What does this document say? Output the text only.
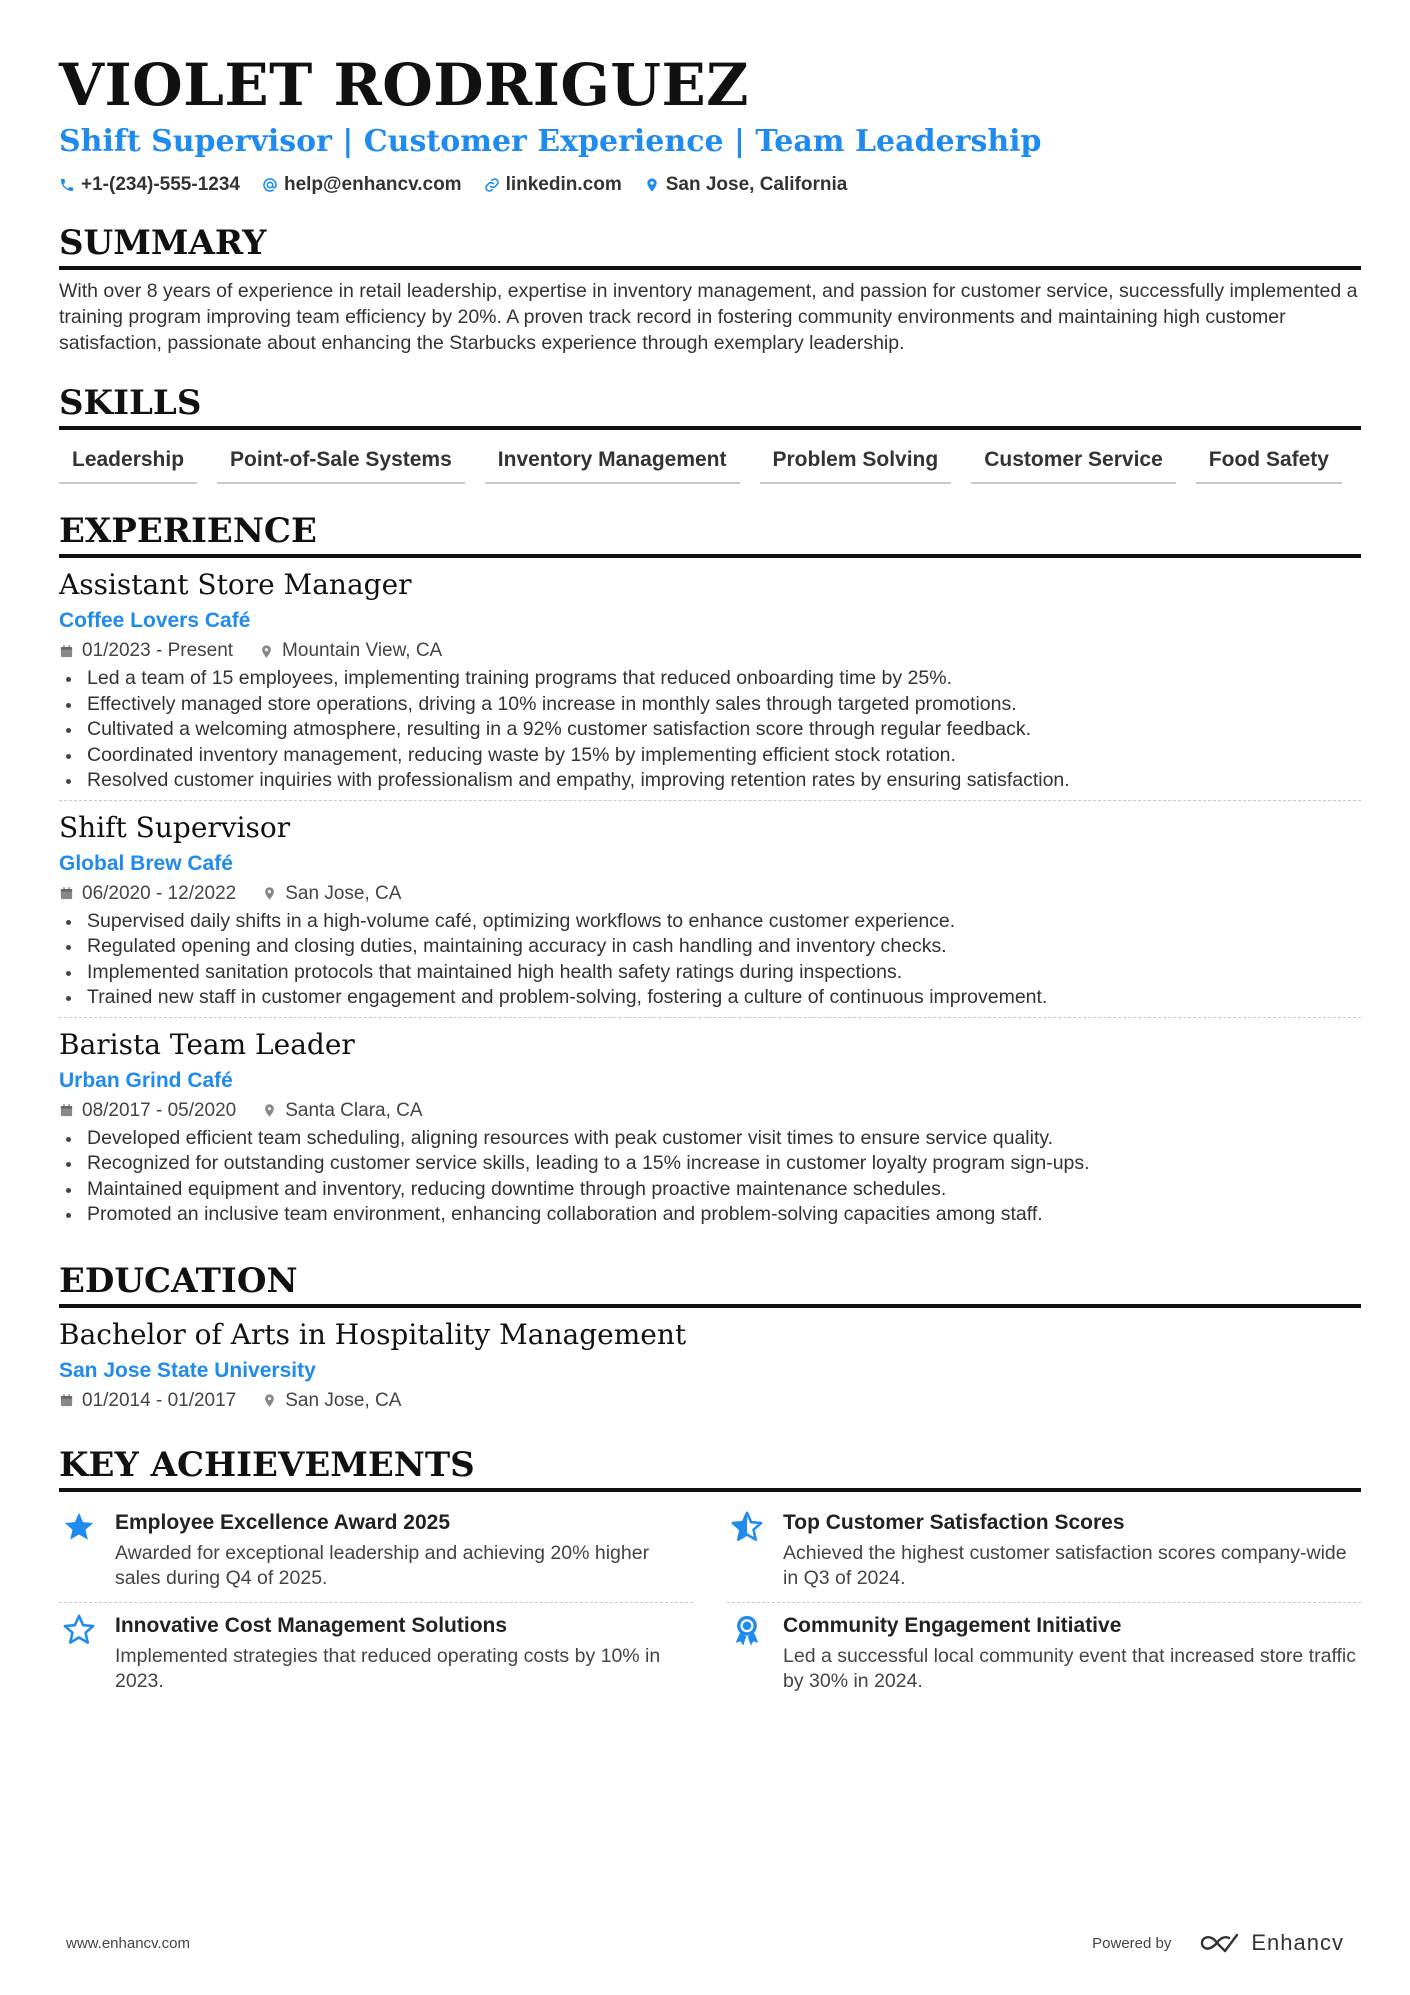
VIOLET RODRIGUEZ
Shift Supervisor | Customer Experience | Team Leadership
+1-(234)-555-1234 help@enhancv.com linkedin.com San Jose, California
SUMMARY

With over 8 years of experience in retail leadership, expertise in inventory management, and passion for customer service, successfully implemented a training program improving team efficiency by 20%. A proven track record in fostering community environments and maintaining high customer satisfaction, passionate about enhancing the Starbucks experience through exemplary leadership.

SKILLS
Leadership	Point-of-Sale Systems	Inventory Management	Problem Solving	Customer Service	Food Safety
EXPERIENCE
Assistant Store Manager
Coffee Lovers Café
01/2023 - Present	Mountain View, CA
Led a team of 15 employees, implementing training programs that reduced onboarding time by 25%.
Effectively managed store operations, driving a 10% increase in monthly sales through targeted promotions.
Cultivated a welcoming atmosphere, resulting in a 92% customer satisfaction score through regular feedback.
Coordinated inventory management, reducing waste by 15% by implementing efficient stock rotation.
Resolved customer inquiries with professionalism and empathy, improving retention rates by ensuring satisfaction.
Shift Supervisor
Global Brew Café
06/2020 - 12/2022	San Jose, CA
Supervised daily shifts in a high-volume café, optimizing workflows to enhance customer experience.
Regulated opening and closing duties, maintaining accuracy in cash handling and inventory checks.
Implemented sanitation protocols that maintained high health safety ratings during inspections.
Trained new staff in customer engagement and problem-solving, fostering a culture of continuous improvement.
Barista Team Leader
Urban Grind Café
08/2017 - 05/2020	Santa Clara, CA
Developed efficient team scheduling, aligning resources with peak customer visit times to ensure service quality.
Recognized for outstanding customer service skills, leading to a 15% increase in customer loyalty program sign-ups.
Maintained equipment and inventory, reducing downtime through proactive maintenance schedules.
Promoted an inclusive team environment, enhancing collaboration and problem-solving capacities among staff.
EDUCATION
Bachelor of Arts in Hospitality Management
San Jose State University
01/2014 - 01/2017	San Jose, CA
KEY ACHIEVEMENTS
Employee Excellence Award 2025
Awarded for exceptional leadership and achieving 20% higher sales during Q4 of 2025.
Top Customer Satisfaction Scores
Achieved the highest customer satisfaction scores company-wide in Q3 of 2024.
Innovative Cost Management Solutions
Implemented strategies that reduced operating costs by 10% in 2023.
Community Engagement Initiative
Led a successful local community event that increased store traffic by 30% in 2024.
www.enhancv.com	Powered by	Enhancv
